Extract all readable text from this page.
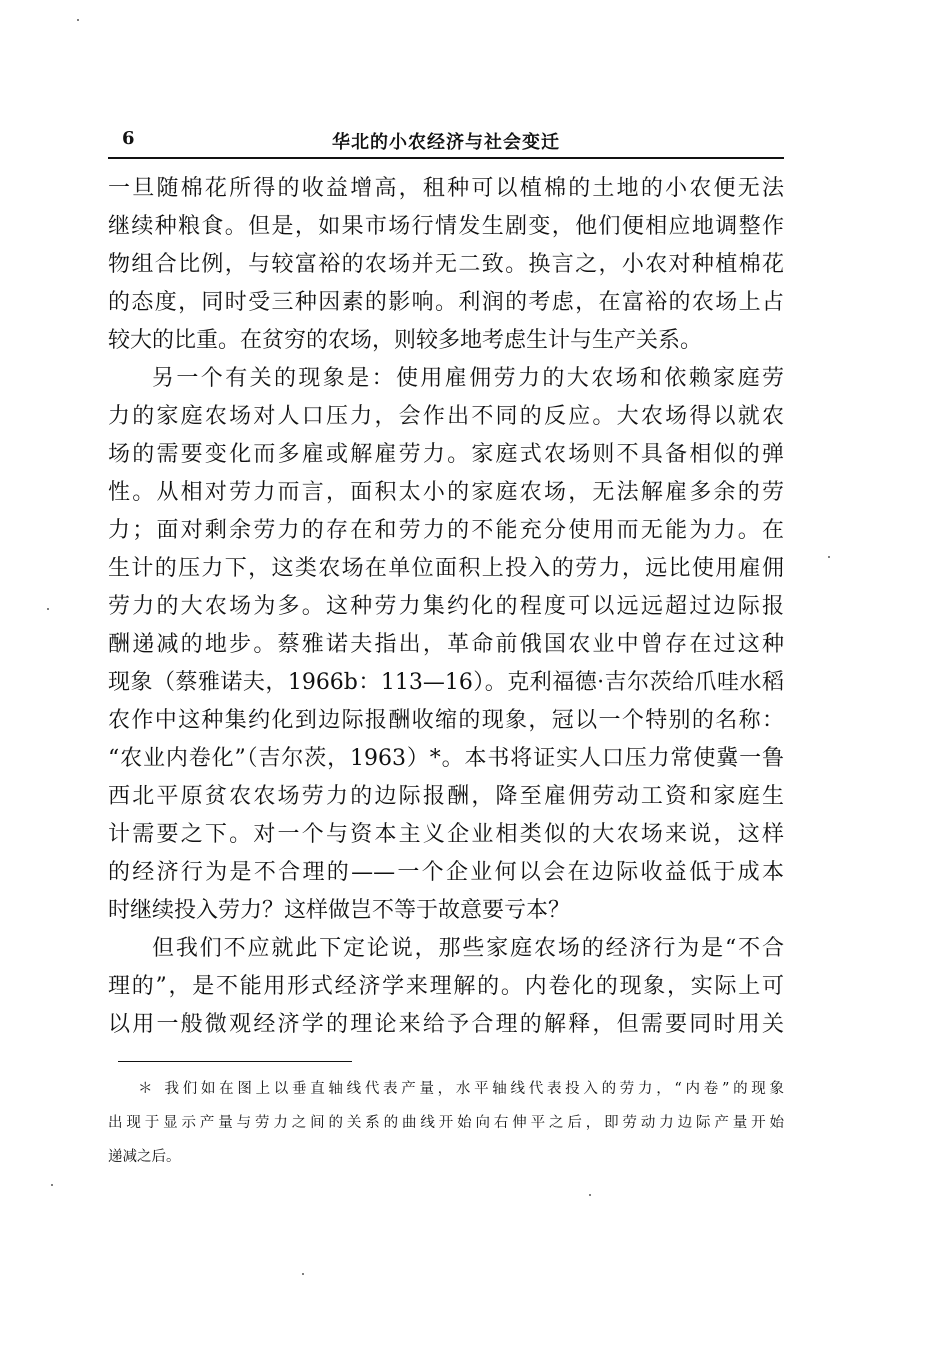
6	华北的小农经济与社会变迁
一旦随棉花所得的收益增高，租种可以植棉的土地的小农便无法
继续种粮食。但是，如果市场行情发生剧变，他们便相应地调整作
物组合比例，与较富裕的农场并无二致。换言之，小农对种植棉花
的态度，同时受三种因素的影响。利润的考虑，在富裕的农场上占
较大的比重。在贫穷的农场，则较多地考虑生计与生产关系。
另一个有关的现象是：使用雇佣劳力的大农场和依赖家庭劳
力的家庭农场对人口压力，会作出不同的反应。大农场得以就农
场的需要变化而多雇或解雇劳力。家庭式农场则不具备相似的弹
性。从相对劳力而言，面积太小的家庭农场，无法解雇多余的劳
力；面对剩余劳力的存在和劳力的不能充分使用而无能为力。在
生计的压力下，这类农场在单位面积上投入的劳力，远比使用雇佣
劳力的大农场为多。这种劳力集约化的程度可以远远超过边际报
酬递减的地步。蔡雅诺夫指出，革命前俄国农业中曾存在过这种
现象（蔡雅诺夫，1966b：113—16）。克利福德·吉尔茨给爪哇水稻
农作中这种集约化到边际报酬收缩的现象，冠以一个特别的名称：
“农业内卷化”（吉尔茨，1963）*。本书将证实人口压力常使冀一鲁
西北平原贫农农场劳力的边际报酬，降至雇佣劳动工资和家庭生
计需要之下。对一个与资本主义企业相类似的大农场来说，这样
的经济行为是不合理的——一个企业何以会在边际收益低于成本
时继续投入劳力？这样做岂不等于故意要亏本？
但我们不应就此下定论说，那些家庭农场的经济行为是“不合
理的”，是不能用形式经济学来理解的。内卷化的现象，实际上可
以用一般微观经济学的理论来给予合理的解释，但需要同时用关
＊ 我们如在图上以垂直轴线代表产量，水平轴线代表投入的劳力，“内卷”的现象
出现于显示产量与劳力之间的关系的曲线开始向右伸平之后，即劳动力边际产量开始
递减之后。
